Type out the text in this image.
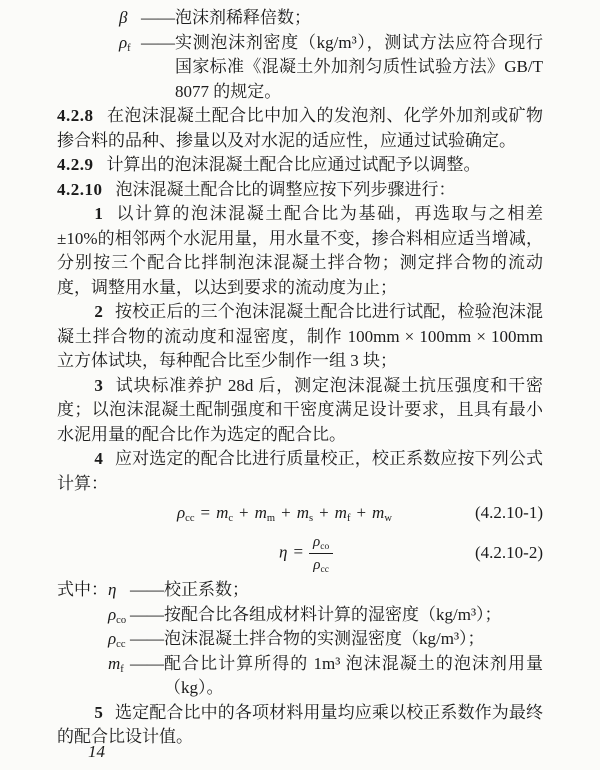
β —— 泡沫剂稀释倍数；
$\rho_f$ —— 实测泡沫剂密度（kg/m³），测试方法应符合现行国家标准《混凝土外加剂匀质性试验方法》GB/T 8077 的规定。

4.2.8 在泡沫混凝土配合比中加入的发泡剂、化学外加剂或矿物掺合料的品种、掺量以及对水泥的适应性，应通过试验确定。

4.2.9 计算出的泡沫混凝土配合比应通过试配予以调整。

4.2.10 泡沫混凝土配合比的调整应按下列步骤进行：

1 以计算的泡沫混凝土配合比为基础，再选取与之相差±10%的相邻两个水泥用量，用水量不变，掺合料相应适当增减，分别按三个配合比拌制泡沫混凝土拌合物；测定拌合物的流动度，调整用水量，以达到要求的流动度为止；

2 按校正后的三个泡沫混凝土配合比进行试配，检验泡沫混凝土拌合物的流动度和湿密度，制作 100mm × 100mm × 100mm 立方体试块，每种配合比至少制作一组 3 块；

3 试块标准养护 28d 后，测定泡沫混凝土抗压强度和干密度；以泡沫混凝土配制强度和干密度满足设计要求，且具有最小水泥用量的配合比作为选定的配合比。

4 应对选定的配合比进行质量校正，校正系数应按下列公式计算：

$\rho_{cc} = m_c + m_m + m_s + m_f + m_w$	(4.2.10-1)
$\eta = \frac{\rho_{co}}{\rho_{cc}}$	(4.2.10-2)
式中： η —— 校正系数；
$\rho_{co}$ —— 按配合比各组成材料计算的湿密度（kg/m³）；
$\rho_{cc}$ —— 泡沫混凝土拌合物的实测湿密度（kg/m³）；
$m_f$ —— 配合比计算所得的 1m³ 泡沫混凝土的泡沫剂用量（kg）。

5 选定配合比中的各项材料用量均应乘以校正系数作为最终的配合比设计值。

14
